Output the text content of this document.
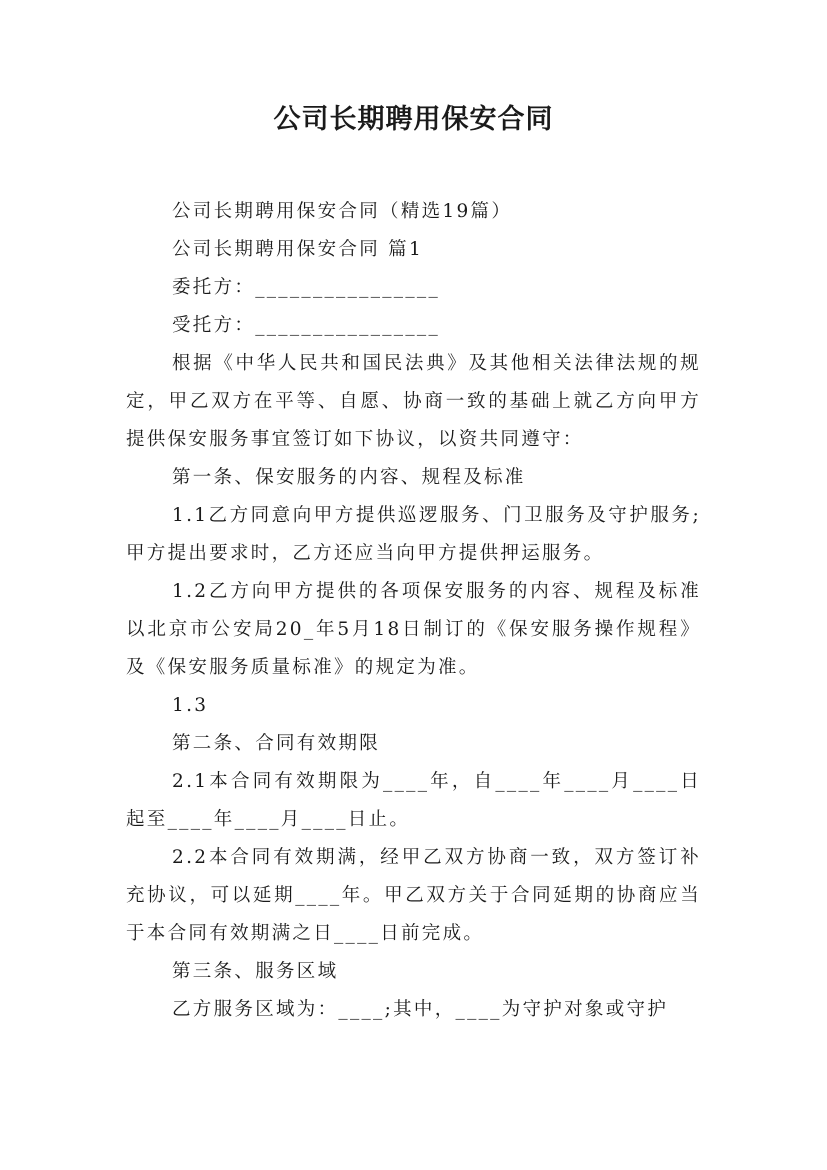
公司长期聘用保安合同

公司长期聘用保安合同（精选19篇）

公司长期聘用保安合同 篇1

委托方：________________

受托方：________________

根据《中华人民共和国民法典》及其他相关法律法规的规定，甲乙双方在平等、自愿、协商一致的基础上就乙方向甲方提供保安服务事宜签订如下协议，以资共同遵守：

第一条、保安服务的内容、规程及标准

1.1乙方同意向甲方提供巡逻服务、门卫服务及守护服务;甲方提出要求时，乙方还应当向甲方提供押运服务。

1.2乙方向甲方提供的各项保安服务的内容、规程及标准以北京市公安局20_年5月18日制订的《保安服务操作规程》及《保安服务质量标准》的规定为准。

1.3

第二条、合同有效期限

2.1本合同有效期限为____年，自____年____月____日起至____年____月____日止。

2.2本合同有效期满，经甲乙双方协商一致，双方签订补充协议，可以延期____年。甲乙双方关于合同延期的协商应当于本合同有效期满之日____日前完成。

第三条、服务区域

乙方服务区域为：____;其中，____为守护对象或守护
